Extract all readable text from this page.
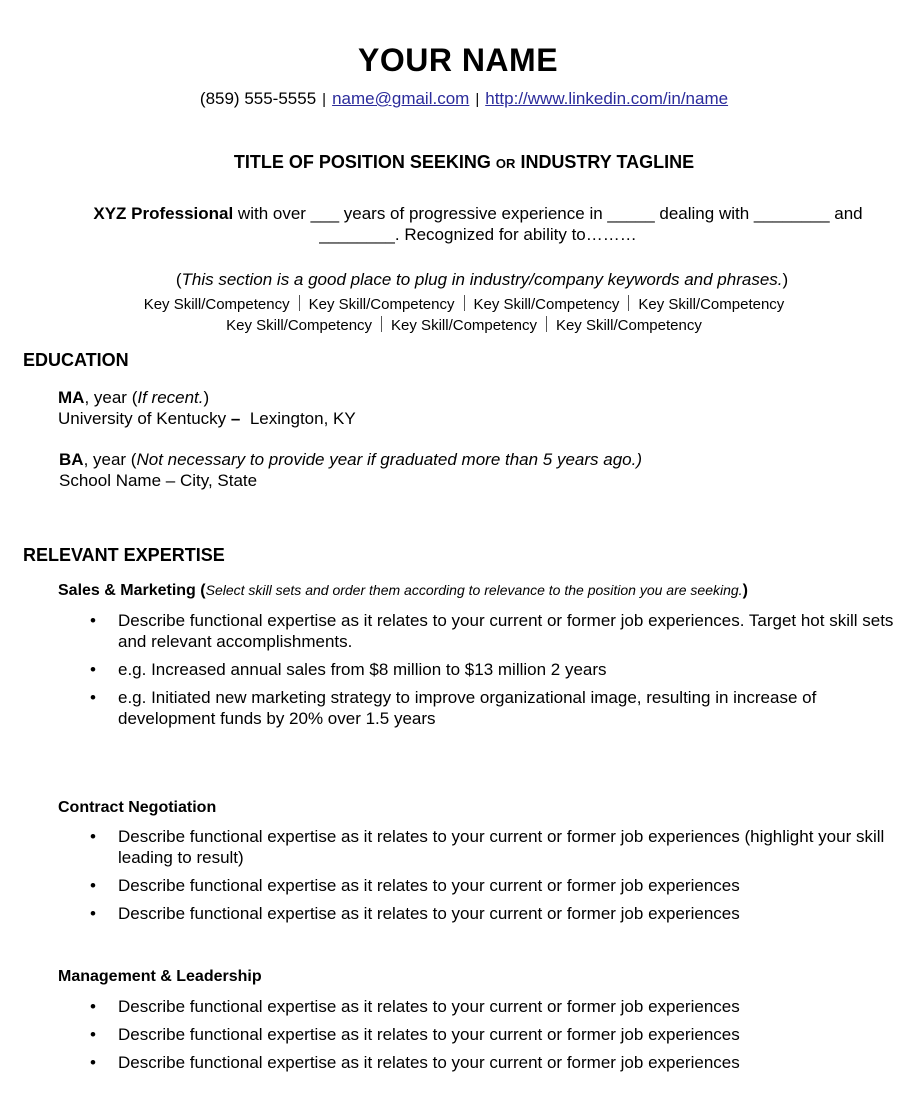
YOUR NAME
(859) 555-5555 | name@gmail.com | http://www.linkedin.com/in/name
TITLE OF POSITION SEEKING OR INDUSTRY TAGLINE
XYZ Professional with over ___ years of progressive experience in _____ dealing with ________ and
________. Recognized for ability to………
(This section is a good place to plug in industry/company keywords and phrases.)
Key Skill/Competency Key Skill/Competency Key Skill/Competency Key Skill/Competency
Key Skill/Competency Key Skill/Competency Key Skill/Competency
EDUCATION
MA, year (If recent.)
University of Kentucky – Lexington, KY
BA, year (Not necessary to provide year if graduated more than 5 years ago.)
School Name – City, State
RELEVANT EXPERTISE
Sales & Marketing (Select skill sets and order them according to relevance to the position you are seeking.)
• Describe functional expertise as it relates to your current or former job experiences. Target hot skill sets and relevant accomplishments.
• e.g. Increased annual sales from $8 million to $13 million 2 years
• e.g. Initiated new marketing strategy to improve organizational image, resulting in increase of development funds by 20% over 1.5 years
Contract Negotiation
• Describe functional expertise as it relates to your current or former job experiences (highlight your skill leading to result)
• Describe functional expertise as it relates to your current or former job experiences
• Describe functional expertise as it relates to your current or former job experiences
Management & Leadership
• Describe functional expertise as it relates to your current or former job experiences
• Describe functional expertise as it relates to your current or former job experiences
• Describe functional expertise as it relates to your current or former job experiences
